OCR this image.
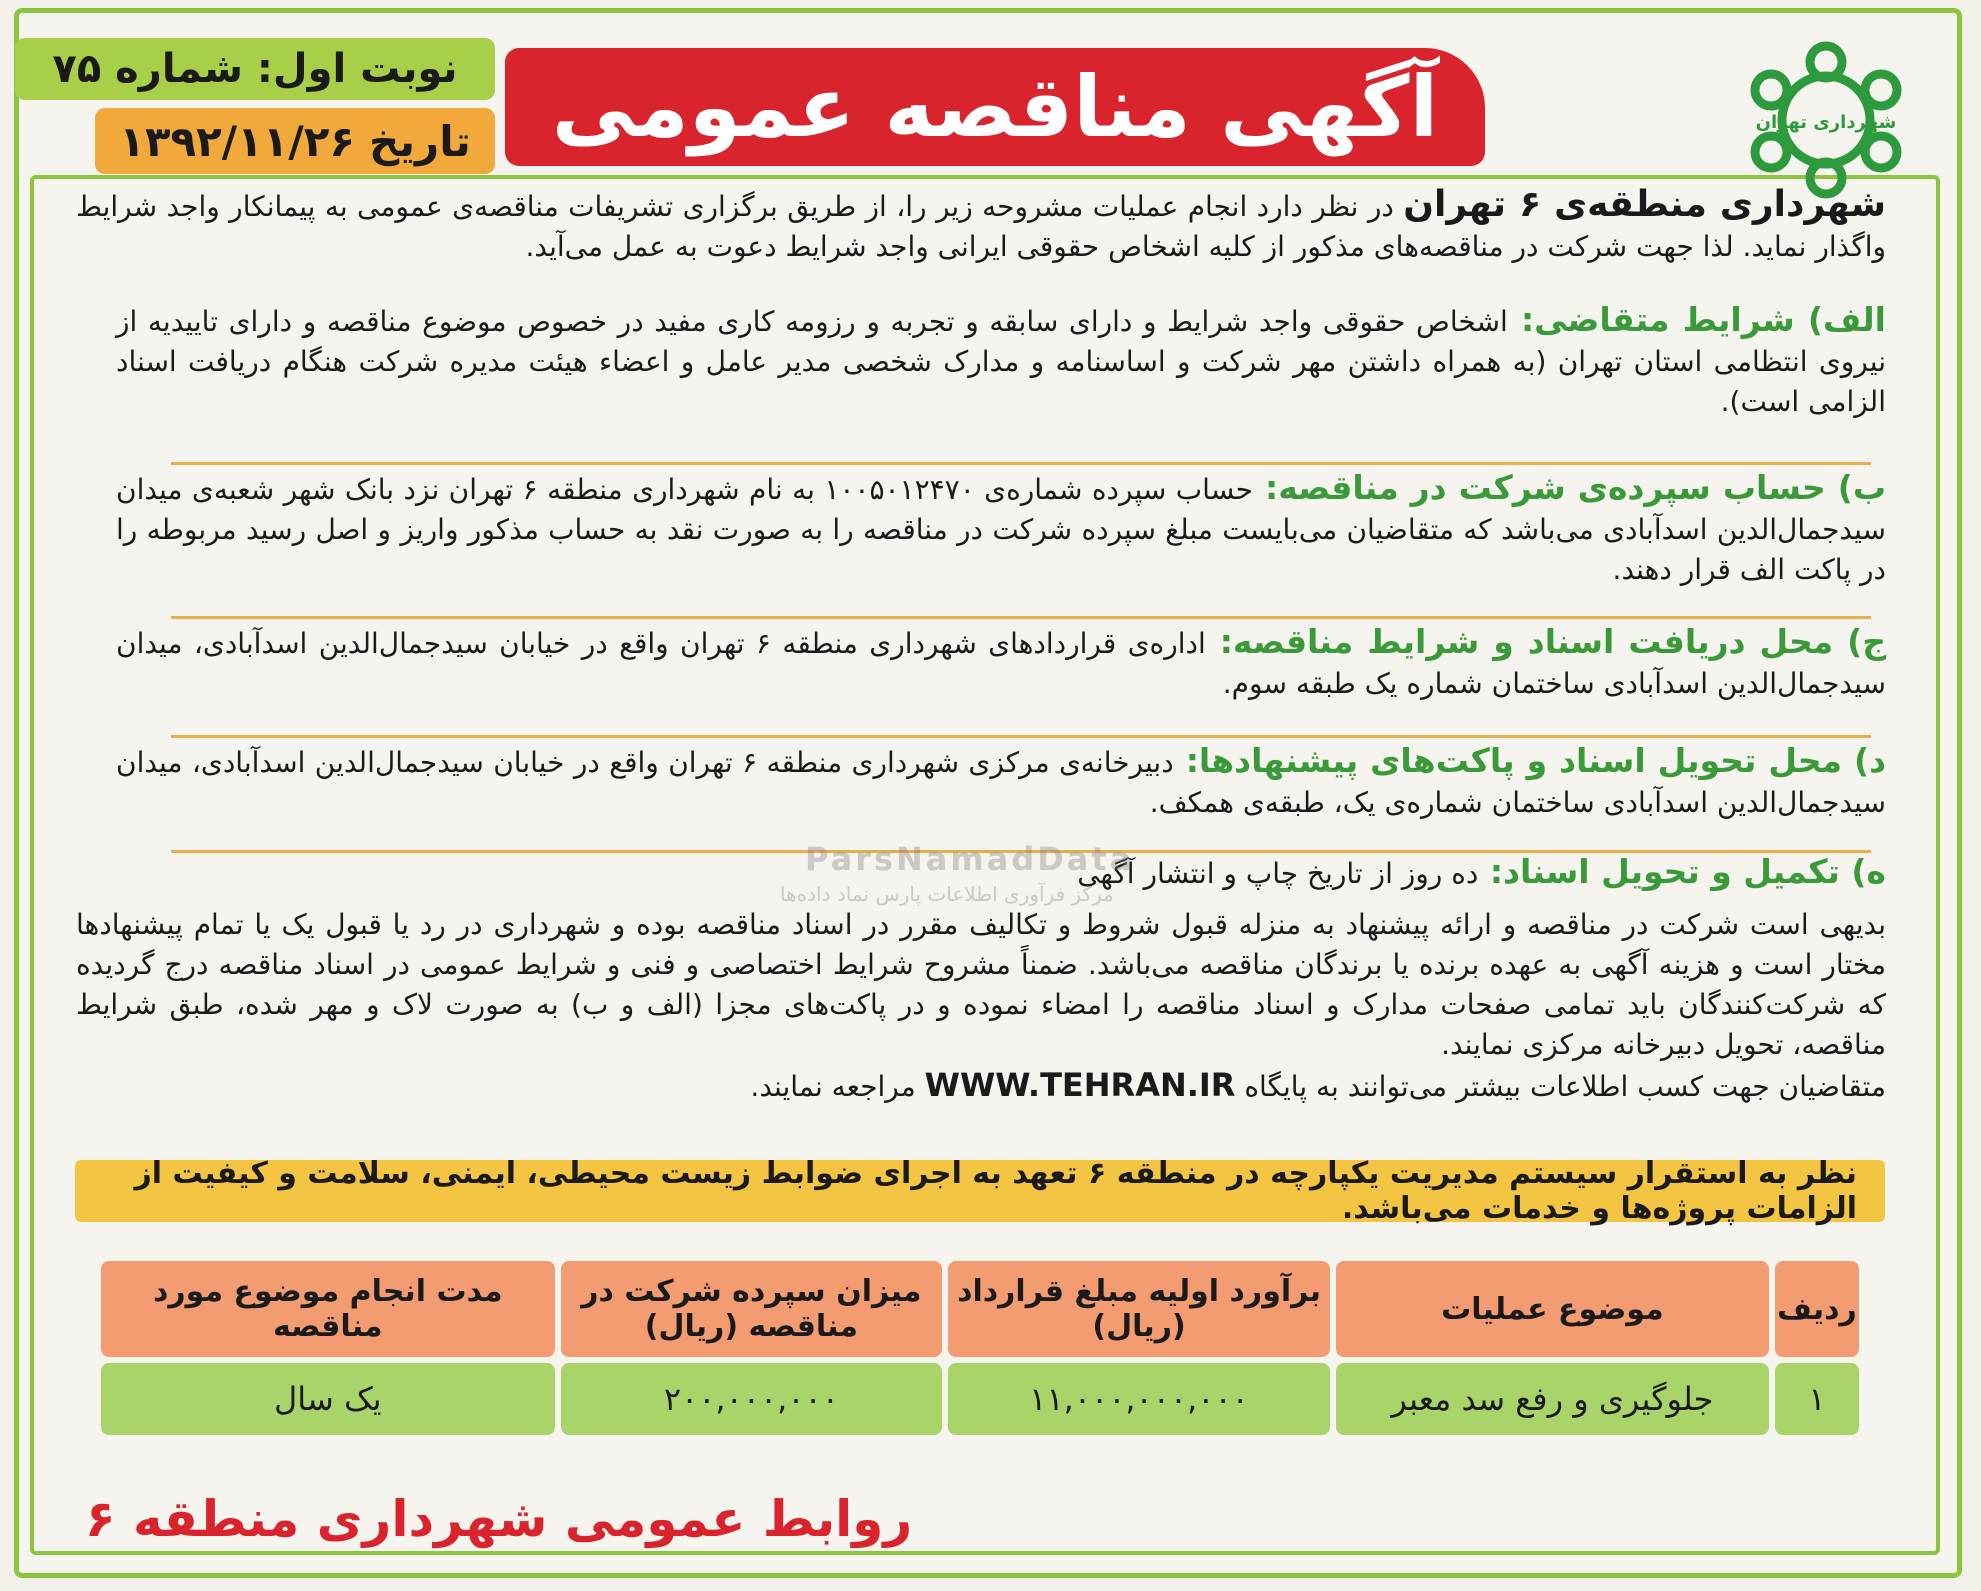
شهرداری تهران
آگهی مناقصه عمومی
نوبت اول: شماره ۷۵
تاریخ
۱۳۹۲/۱۱/۲۶
شهرداری منطقه‌ی ۶ تهران در نظر دارد انجام عملیات مشروحه زیر را، از طریق برگزاری تشریفات مناقصه‌ی عمومی به پیمانکار واجد شرایط واگذار نماید. لذا جهت شرکت در مناقصه‌های مذکور از کلیه اشخاص حقوقی ایرانی واجد شرایط دعوت به عمل می‌آید.
الف) شرایط متقاضی: اشخاص حقوقی واجد شرایط و دارای سابقه و تجربه و رزومه کاری مفید در خصوص موضوع مناقصه و دارای تاییدیه از نیروی انتظامی استان تهران (به همراه داشتن مهر شرکت و اساسنامه و مدارک شخصی مدیر عامل و اعضاء هیئت مدیره شرکت هنگام دریافت اسناد الزامی است).
ب) حساب سپرده‌ی شرکت در مناقصه: حساب سپرده شماره‌ی ۱۰۰۵۰۱۲۴۷۰ به نام شهرداری منطقه ۶ تهران نزد بانک شهر شعبه‌ی میدان سیدجمال‌الدین اسدآبادی می‌باشد که متقاضیان می‌بایست مبلغ سپرده شرکت در مناقصه را به صورت نقد به حساب مذکور واریز و اصل رسید مربوطه را در پاکت الف قرار دهند.
ج) محل دریافت اسناد و شرایط مناقصه: اداره‌ی قراردادهای شهرداری منطقه ۶ تهران واقع در خیابان سیدجمال‌الدین اسدآبادی، میدان سیدجمال‌الدین اسدآبادی ساختمان شماره یک طبقه سوم.
د) محل تحویل اسناد و پاکت‌های پیشنهادها: دبیرخانه‌ی مرکزی شهرداری منطقه ۶ تهران واقع در خیابان سیدجمال‌الدین اسدآبادی، میدان سیدجمال‌الدین اسدآبادی ساختمان شماره‌ی یک، طبقه‌ی همکف.
ه) تکمیل و تحویل اسناد: ده روز از تاریخ چاپ و انتشار آگهی
ParsNamadData
مرکز فرآوری اطلاعات پارس نماد داده‌ها
بدیهی است شرکت در مناقصه و ارائه پیشنهاد به منزله قبول شروط و تکالیف مقرر در اسناد مناقصه بوده و شهرداری در رد یا قبول یک یا تمام پیشنهادها مختار است و هزینه آگهی به عهده برنده یا برندگان مناقصه می‌باشد. ضمناً مشروح شرایط اختصاصی و فنی و شرایط عمومی در اسناد مناقصه درج گردیده که شرکت‌کنندگان باید تمامی صفحات مدارک و اسناد مناقصه را امضاء نموده و در پاکت‌های مجزا (الف و ب) به صورت لاک و مهر شده، طبق شرایط مناقصه، تحویل دبیرخانه مرکزی نمایند.
متقاضیان جهت کسب اطلاعات بیشتر می‌توانند به پایگاه WWW.TEHRAN.IR مراجعه نمایند.
نظر به استقرار سیستم مدیریت یکپارچه در منطقه ۶ تعهد به اجرای ضوابط زیست محیطی، ایمنی، سلامت و کیفیت از الزامات پروژه‌ها و خدمات می‌باشد.
ردیف	موضوع عملیات	برآورد اولیه مبلغ قرارداد (ریال)	میزان سپرده شرکت در مناقصه (ریال)	مدت انجام موضوع مورد مناقصه
۱	جلوگیری و رفع سد معبر	۱۱,۰۰۰,۰۰۰,۰۰۰	۲۰۰,۰۰۰,۰۰۰	یک سال
روابط عمومی شهرداری منطقه ۶
